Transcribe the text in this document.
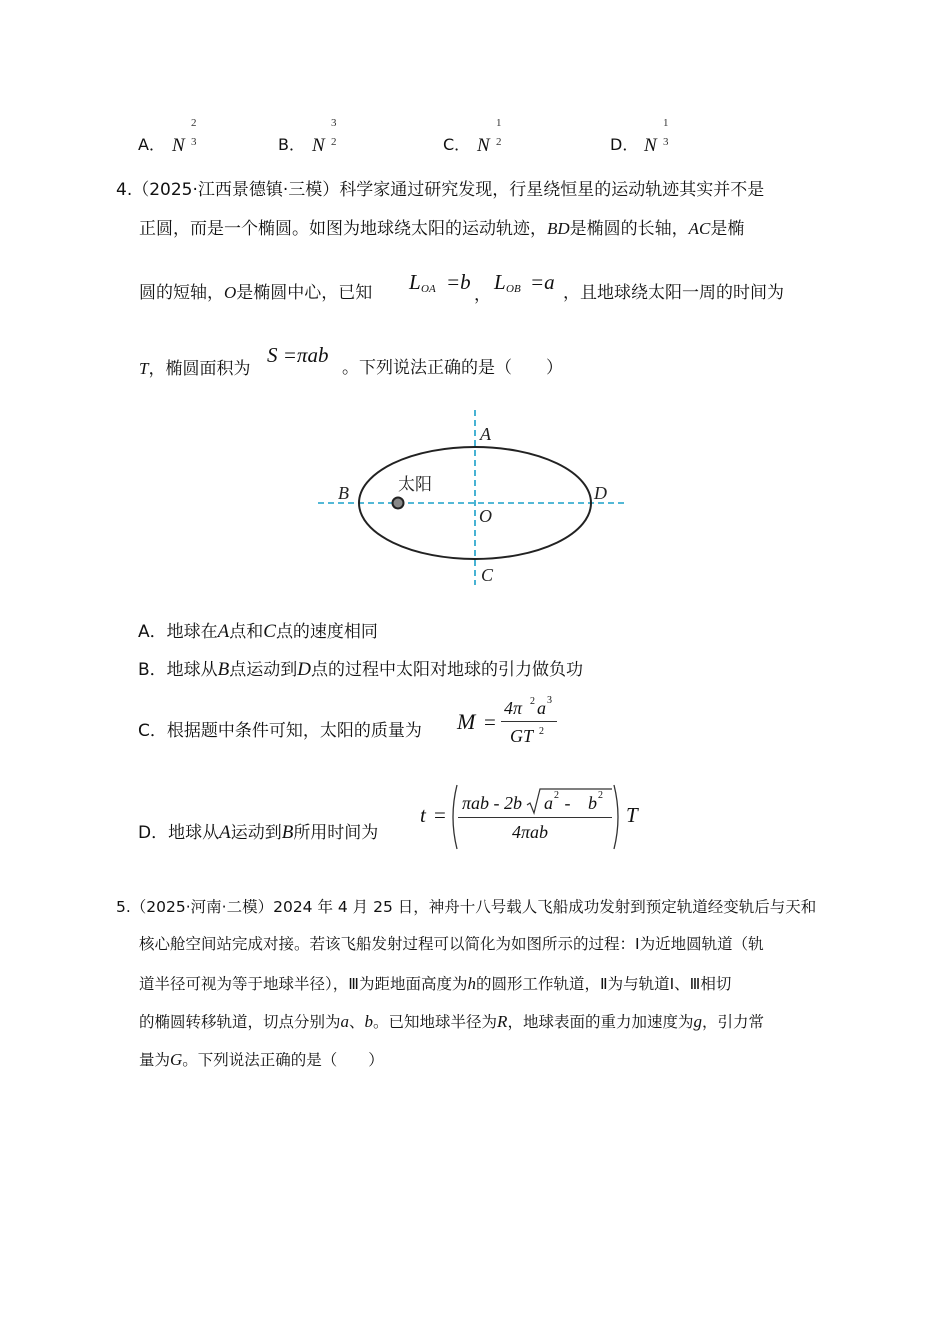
A． N
2
3	B． N
3
2	C． N
1
2	D． N
1
3
4.（2025·江西景德镇·三模）科学家通过研究发现，行星绕恒星的运动轨迹其实并不是
正圆，而是一个椭圆。如图为地球绕太阳的运动轨迹，BD是椭圆的长轴，AC是椭
圆的短轴，O是椭圆中心，已知 L OA =b
，
L OB =a ，且地球绕太阳一周的时间为
T，椭圆面积为
S =πab
。下列说法正确的是（　　）
A
B
C
D
O
太阳
A．地球在A点和C点的速度相同
B．地球从B点运动到D点的过程中太阳对地球的引力做负功
C．根据题中条件可知，太阳的质量为 M =
4π 2 a 3
GT 2
D．地球从A运动到B所用时间为
t = πab - 2b a 2 - b 2
4πab
T
5.（2025·河南·二模）2024 年 4 月 25 日，神舟十八号载人飞船成功发射到预定轨道经变轨后与天和
核心舱空间站完成对接。若该飞船发射过程可以简化为如图所示的过程：Ⅰ为近地圆轨道（轨
道半径可视为等于地球半径），Ⅲ为距地面高度为h的圆形工作轨道，Ⅱ为与轨道Ⅰ、Ⅲ相切
的椭圆转移轨道，切点分别为a、b。已知地球半径为R，地球表面的重力加速度为g，引力常
量为G。下列说法正确的是（　　）
